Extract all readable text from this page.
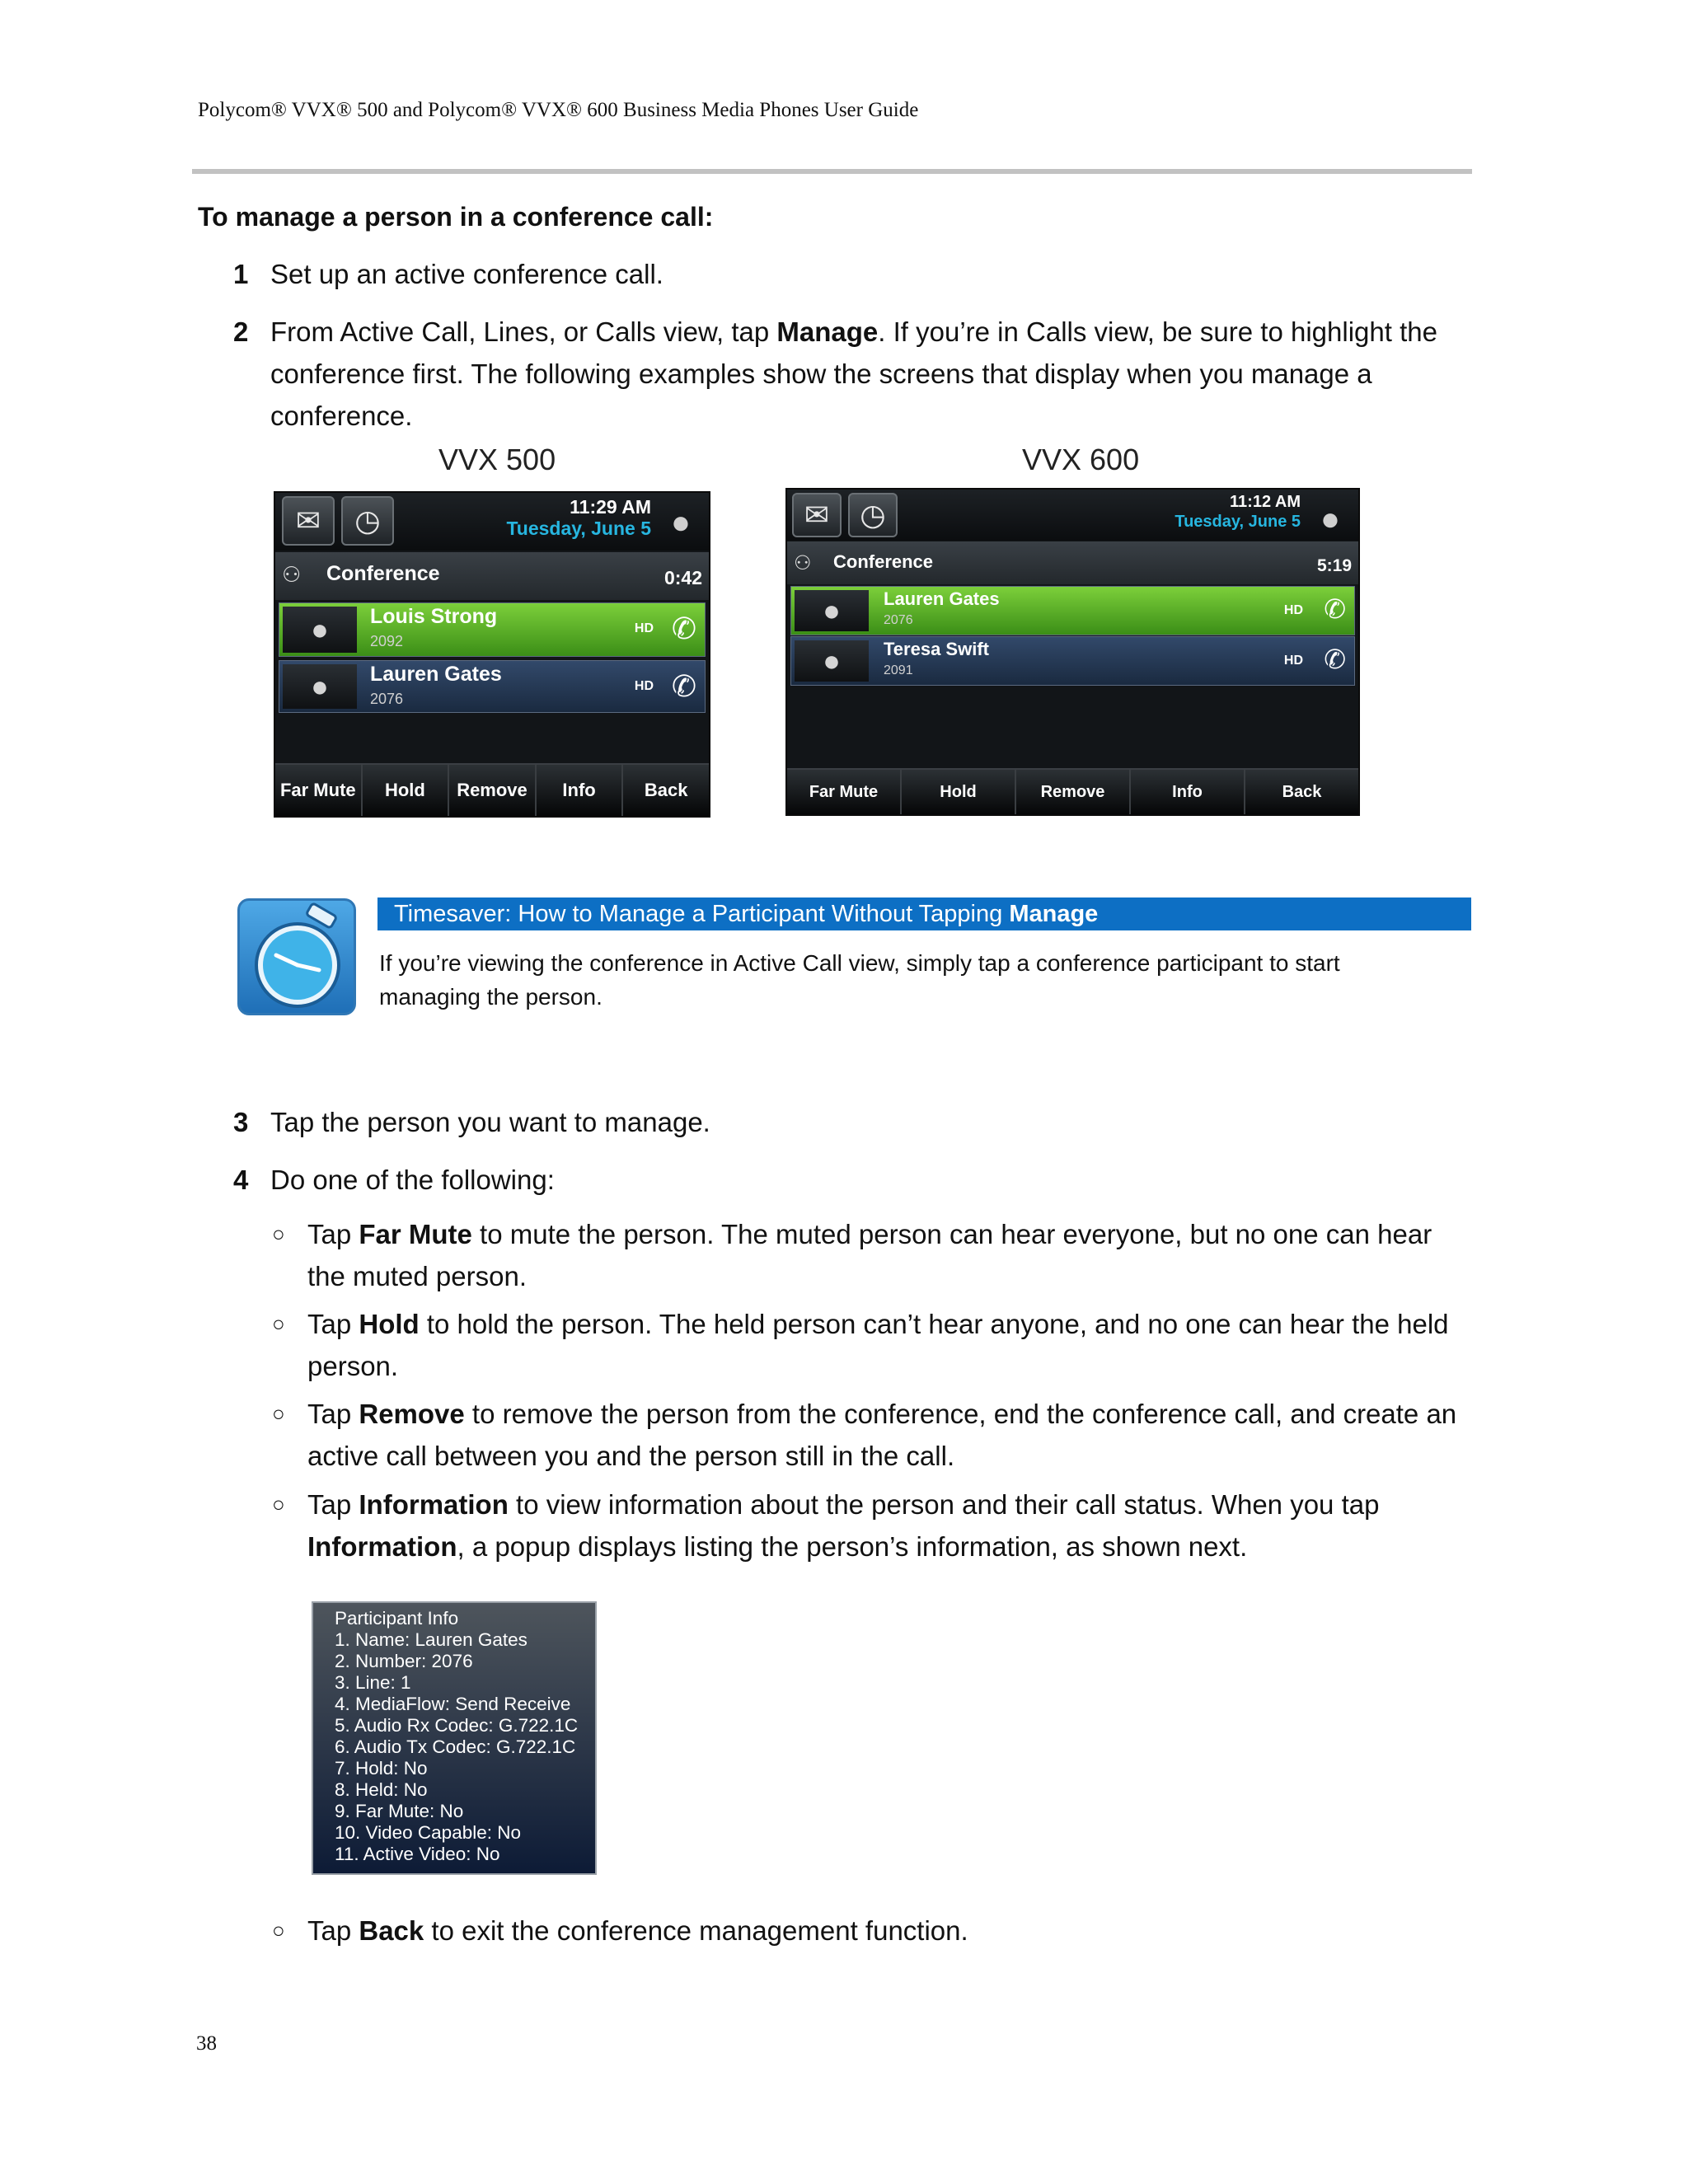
Polycom® VVX® 500 and Polycom® VVX® 600 Business Media Phones User Guide
To manage a person in a conference call:
1 Set up an active conference call.
2 From Active Call, Lines, or Calls view, tap Manage. If you’re in Calls view, be sure to highlight the
conference first. The following examples show the screens that display when you manage a
conference.
VVX 500	VVX 600
✉	◷	11:29 AM
Tuesday, June 5 ●
⚇ Conference	0:42
●	Louis Strong
2092
HD ✆
●	Lauren Gates
2076
HD ✆
Far Mute	Hold	Remove	Info	Back
✉	◷	11:12 AM
Tuesday, June 5 ●
⚇ Conference	5:19
●	Lauren Gates
2076
HD ✆
●	Teresa Swift
2091
HD ✆
Far Mute	Hold	Remove	Info	Back
Timesaver: How to Manage a Participant Without Tapping Manage
If you’re viewing the conference in Active Call view, simply tap a conference participant to start
managing the person.
3 Tap the person you want to manage.
4 Do one of the following:
○ Tap Far Mute to mute the person. The muted person can hear everyone, but no one can hear
the muted person.
○ Tap Hold to hold the person. The held person can’t hear anyone, and no one can hear the held
person.
○ Tap Remove to remove the person from the conference, end the conference call, and create an
active call between you and the person still in the call.
○ Tap Information to view information about the person and their call status. When you tap
Information, a popup displays listing the person’s information, as shown next.
Participant Info
1. Name: Lauren Gates
2. Number: 2076
3. Line: 1
4. MediaFlow: Send Receive
5. Audio Rx Codec: G.722.1C
6. Audio Tx Codec: G.722.1C
7. Hold: No
8. Held: No
9. Far Mute: No
10. Video Capable: No
11. Active Video: No
○ Tap Back to exit the conference management function.
38
